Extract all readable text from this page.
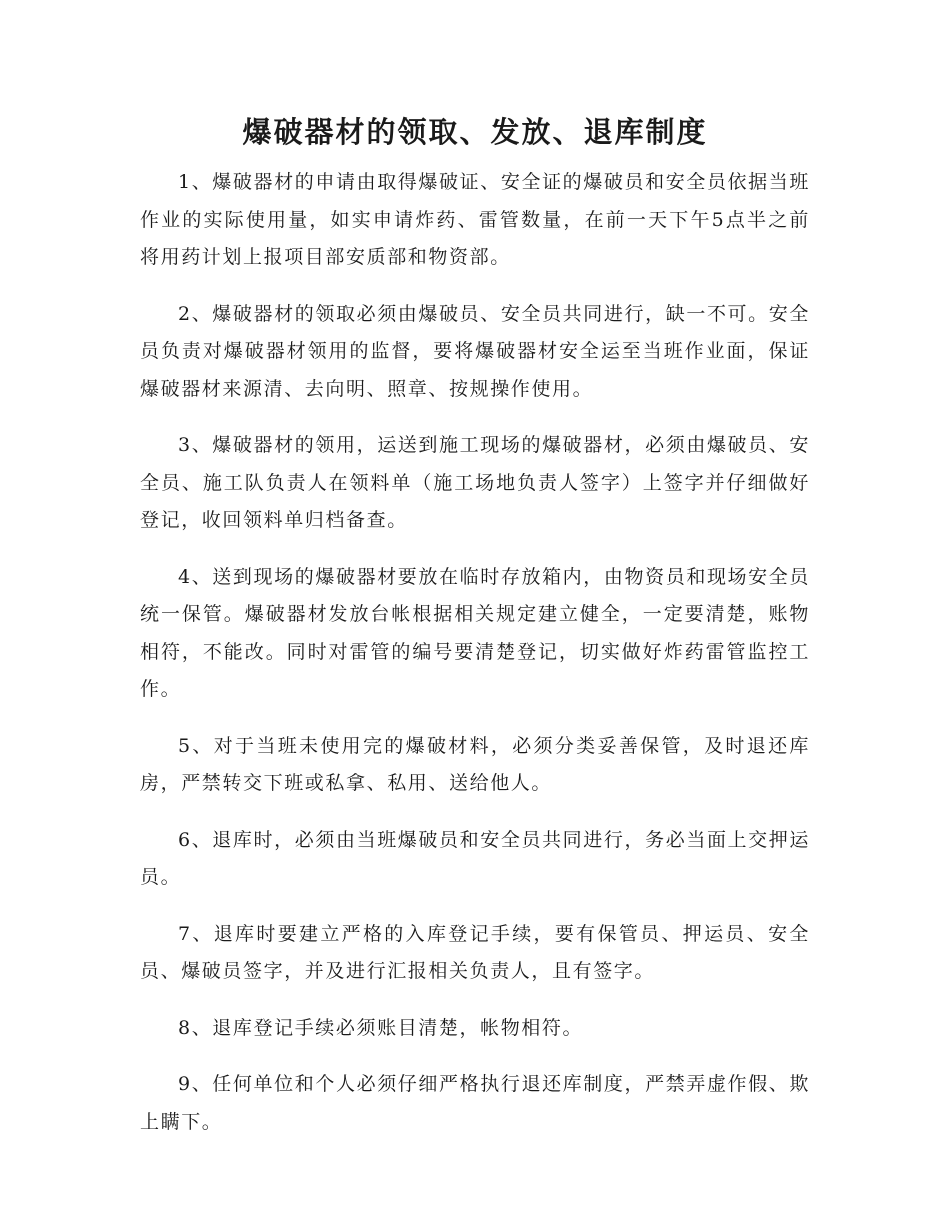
爆破器材的领取、发放、退库制度

1、爆破器材的申请由取得爆破证、安全证的爆破员和安全员依据当班作业的实际使用量，如实申请炸药、雷管数量，在前一天下午5点半之前将用药计划上报项目部安质部和物资部。

2、爆破器材的领取必须由爆破员、安全员共同进行，缺一不可。安全员负责对爆破器材领用的监督，要将爆破器材安全运至当班作业面，保证爆破器材来源清、去向明、照章、按规操作使用。

3、爆破器材的领用，运送到施工现场的爆破器材，必须由爆破员、安全员、施工队负责人在领料单（施工场地负责人签字）上签字并仔细做好登记，收回领料单归档备查。

4、送到现场的爆破器材要放在临时存放箱内，由物资员和现场安全员统一保管。爆破器材发放台帐根据相关规定建立健全，一定要清楚，账物相符，不能改。同时对雷管的编号要清楚登记，切实做好炸药雷管监控工作。

5、对于当班未使用完的爆破材料，必须分类妥善保管，及时退还库房，严禁转交下班或私拿、私用、送给他人。

6、退库时，必须由当班爆破员和安全员共同进行，务必当面上交押运员。

7、退库时要建立严格的入库登记手续，要有保管员、押运员、安全员、爆破员签字，并及进行汇报相关负责人，且有签字。

8、退库登记手续必须账目清楚，帐物相符。

9、任何单位和个人必须仔细严格执行退还库制度，严禁弄虚作假、欺上瞒下。
